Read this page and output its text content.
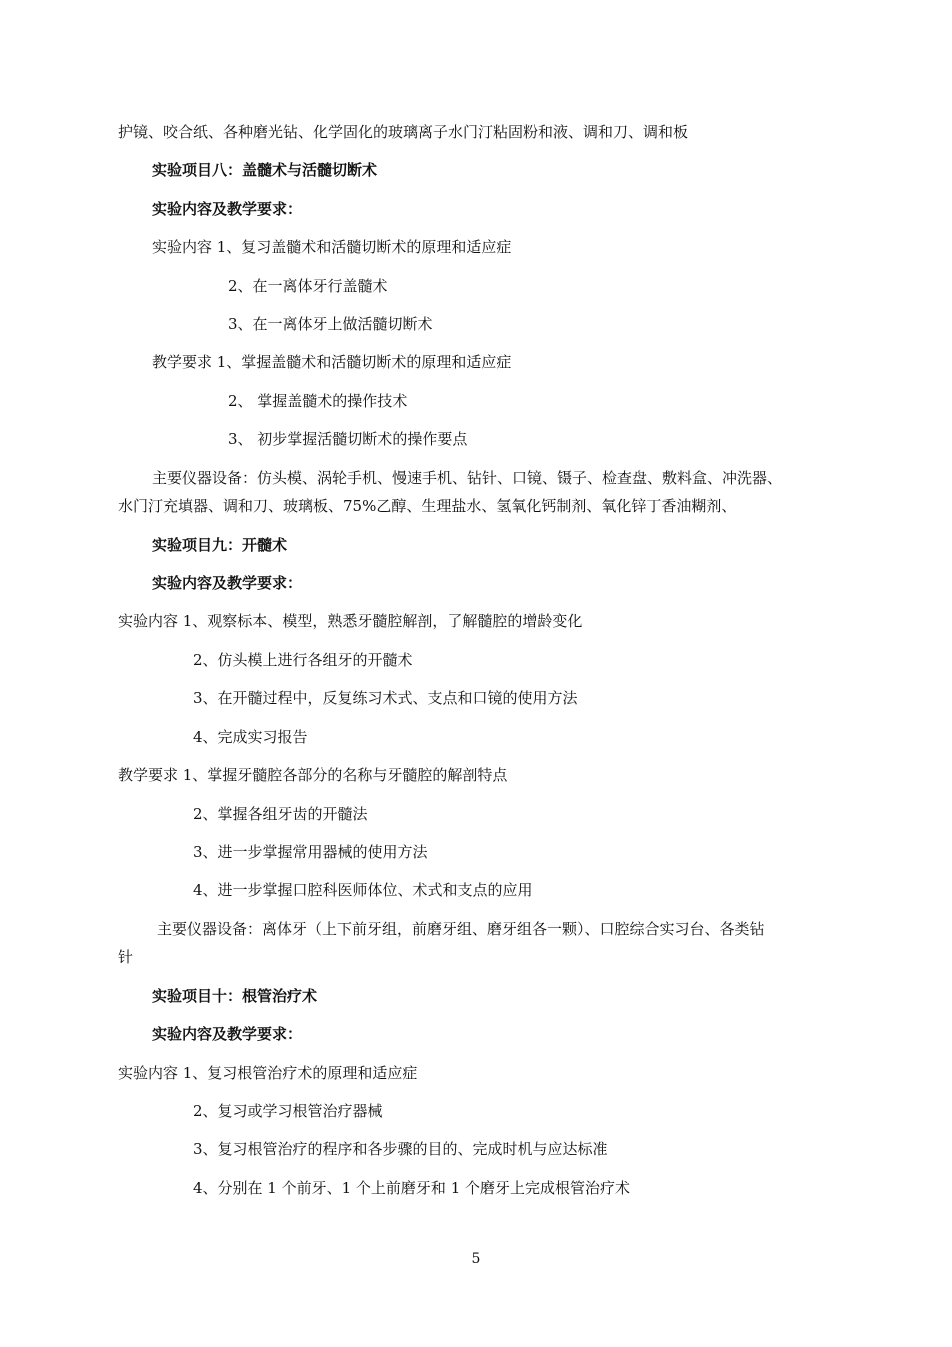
护镜、咬合纸、各种磨光钻、化学固化的玻璃离子水门汀粘固粉和液、调和刀、调和板
实验项目八：盖髓术与活髓切断术
实验内容及教学要求：
实验内容 1、复习盖髓术和活髓切断术的原理和适应症
2、在一离体牙行盖髓术
3、在一离体牙上做活髓切断术
教学要求 1、掌握盖髓术和活髓切断术的原理和适应症
2、 掌握盖髓术的操作技术
3、 初步掌握活髓切断术的操作要点
主要仪器设备：仿头模、涡轮手机、慢速手机、钻针、口镜、镊子、检查盘、敷料盒、冲洗器、
水门汀充填器、调和刀、玻璃板、75%乙醇、生理盐水、氢氧化钙制剂、氧化锌丁香油糊剂、
实验项目九：开髓术
实验内容及教学要求：
实验内容 1、观察标本、模型，熟悉牙髓腔解剖，了解髓腔的增龄变化
2、仿头模上进行各组牙的开髓术
3、在开髓过程中，反复练习术式、支点和口镜的使用方法
4、完成实习报告
教学要求 1、掌握牙髓腔各部分的名称与牙髓腔的解剖特点
2、掌握各组牙齿的开髓法
3、进一步掌握常用器械的使用方法
4、进一步掌握口腔科医师体位、术式和支点的应用
主要仪器设备：离体牙（上下前牙组，前磨牙组、磨牙组各一颗）、口腔综合实习台、各类钻
针
实验项目十：根管治疗术
实验内容及教学要求：
实验内容 1、复习根管治疗术的原理和适应症
2、复习或学习根管治疗器械
3、复习根管治疗的程序和各步骤的目的、完成时机与应达标准
4、分别在 1 个前牙、1 个上前磨牙和 1 个磨牙上完成根管治疗术
5
